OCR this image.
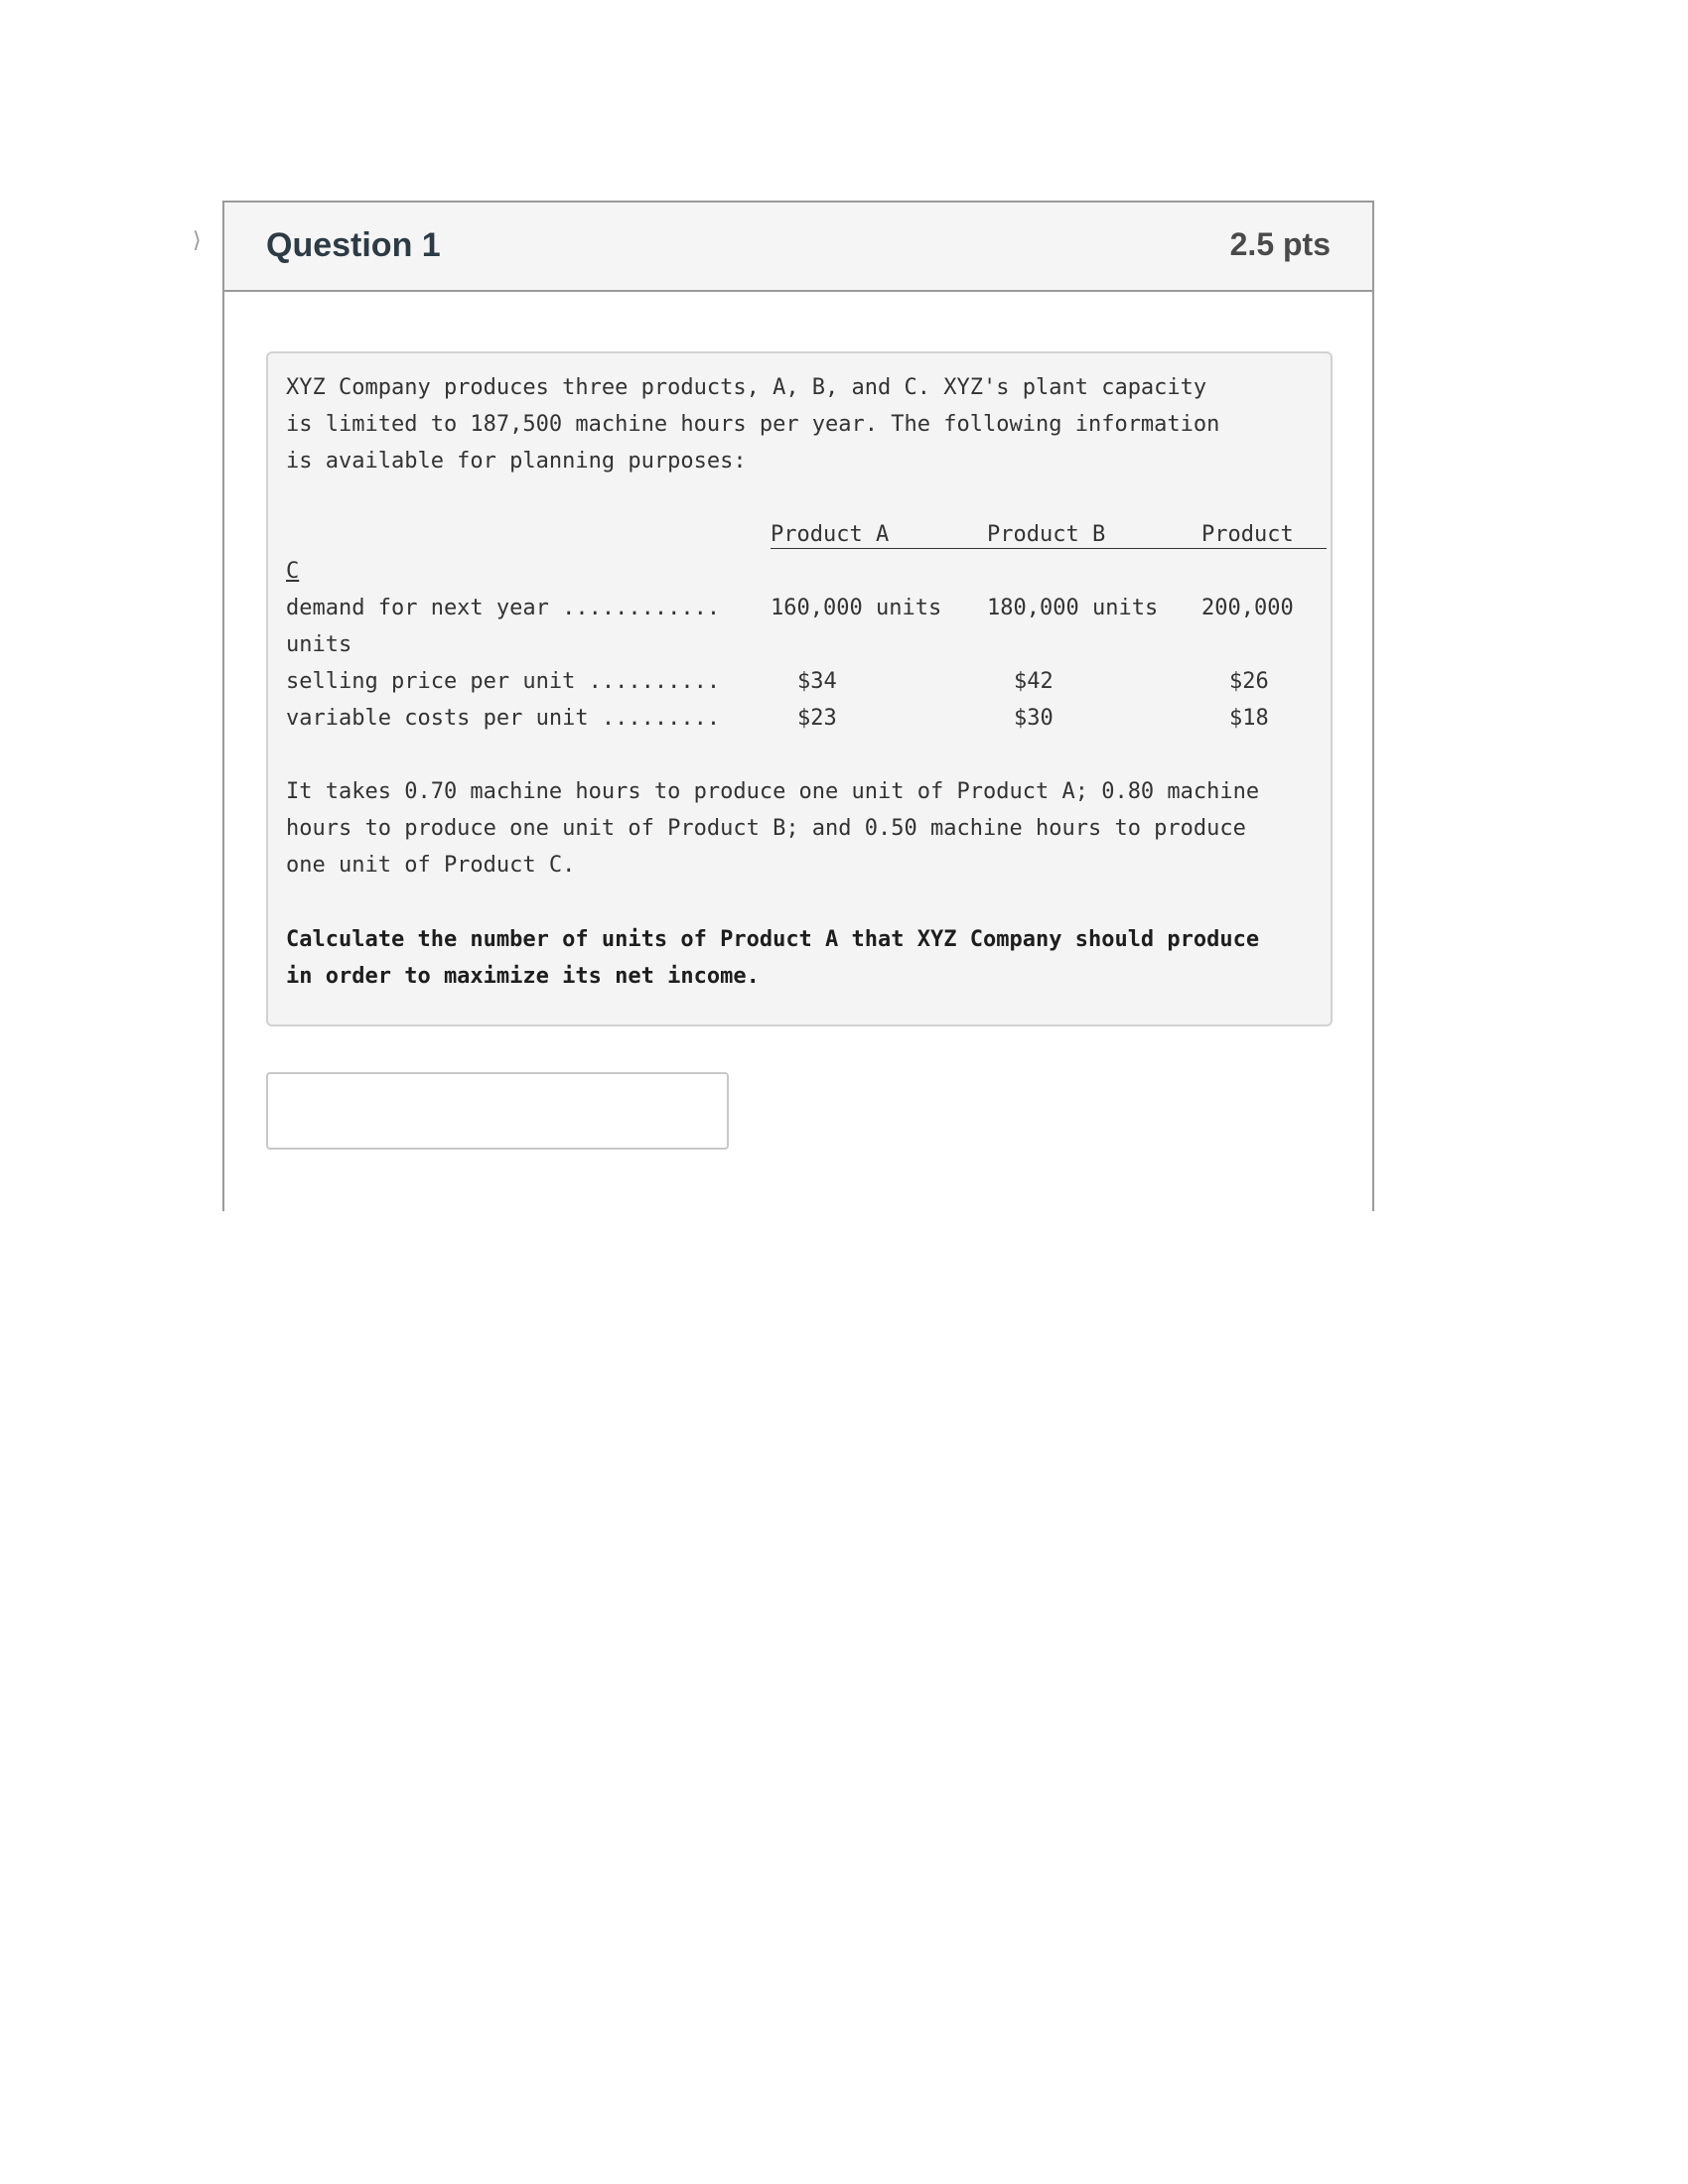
⟩ Question 1	2.5 pts
XYZ Company produces three products, A, B, and C. XYZ's plant capacity
is limited to 187,500 machine hours per year. The following information
is available for planning purposes:
Product A	Product B	Product
C
demand for next year ............ 160,000 units 180,000 units 200,000
units
selling price per unit ..........	$34	$42	$26
variable costs per unit .........	$23	$30	$18
It takes 0.70 machine hours to produce one unit of Product A; 0.80 machine
hours to produce one unit of Product B; and 0.50 machine hours to produce
one unit of Product C.
Calculate the number of units of Product A that XYZ Company should produce
in order to maximize its net income.
